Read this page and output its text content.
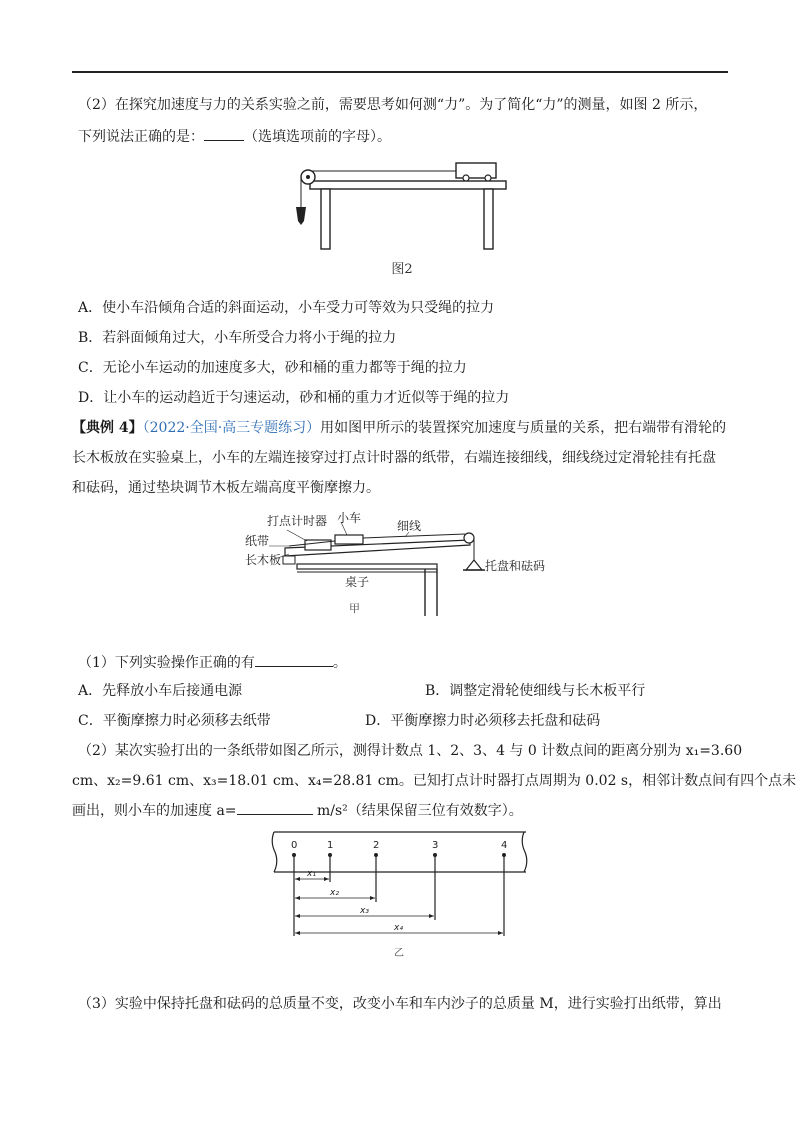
（2）在探究加速度与力的关系实验之前，需要思考如何测“力”。为了简化“力”的测量，如图 2 所示，
下列说法正确的是：	（选填选项前的字母）。
图2
A．使小车沿倾角合适的斜面运动，小车受力可等效为只受绳的拉力
B．若斜面倾角过大，小车所受合力将小于绳的拉力
C．无论小车运动的加速度多大，砂和桶的重力都等于绳的拉力
D．让小车的运动趋近于匀速运动，砂和桶的重力才近似等于绳的拉力
【典例 4】（2022·全国·高三专题练习）用如图甲所示的装置探究加速度与质量的关系，把右端带有滑轮的
长木板放在实验桌上，小车的左端连接穿过打点计时器的纸带，右端连接细线，细线绕过定滑轮挂有托盘
和砝码，通过垫块调节木板左端高度平衡摩擦力。
打点计时器 小车
细线
纸带
长木板	托盘和砝码
桌子
甲
（1）下列实验操作正确的有	。
A．先释放小车后接通电源	B．调整定滑轮使细线与长木板平行
C．平衡摩擦力时必须移去纸带	D．平衡摩擦力时必须移去托盘和砝码
（2）某次实验打出的一条纸带如图乙所示，测得计数点 1、2、3、4 与 0 计数点间的距离分别为 x₁=3.60
cm、x₂=9.61 cm、x₃=18.01 cm、x₄=28.81 cm。已知打点计时器打点周期为 0.02 s，相邻计数点间有四个点未
画出，则小车的加速度 a=	m/s²（结果保留三位有效数字）。
0	1	2	3	4
x₁
x₂
x₃
x₄
乙
（3）实验中保持托盘和砝码的总质量不变，改变小车和车内沙子的总质量 M，进行实验打出纸带，算出
